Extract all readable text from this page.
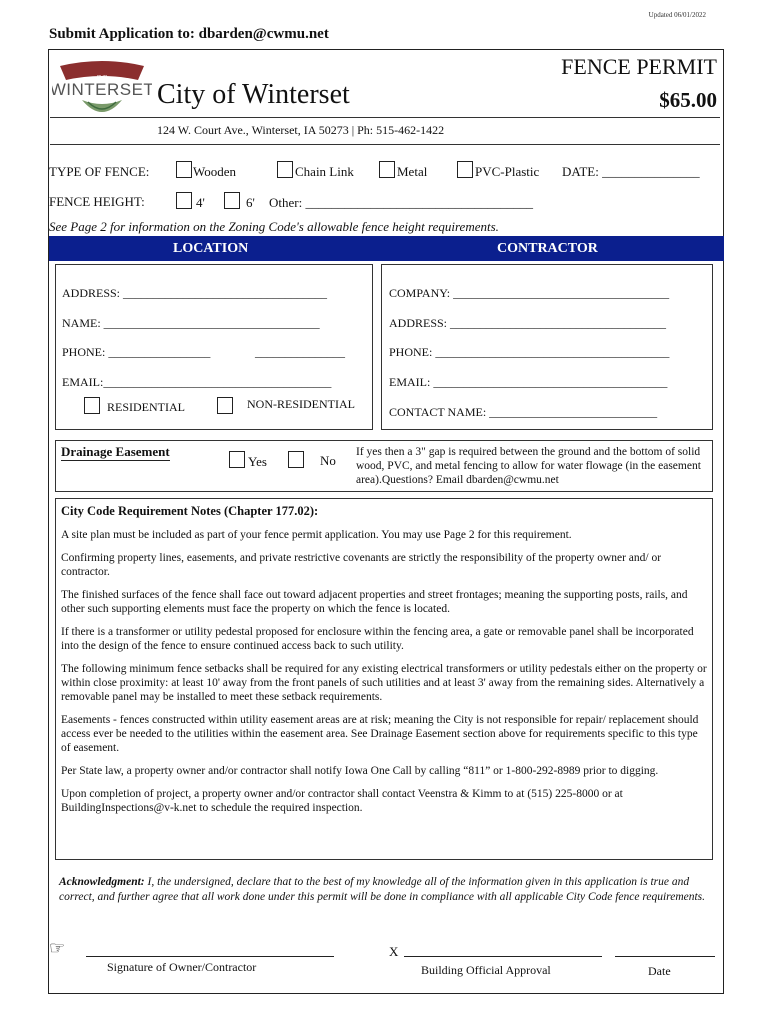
Updated 06/01/2022
Submit Application to: dbarden@cwmu.net
CVO
WINTERSET City of Winterset
FENCE PERMIT
$65.00
124 W. Court Ave., Winterset, IA 50273 | Ph: 515-462-1422
TYPE OF FENCE:	Wooden	Chain Link	Metal	PVC-Plastic DATE: _______________
FENCE HEIGHT:	4'	6' Other: ___________________________________
See Page 2 for information on the Zoning Code's allowable fence height requirements.
LOCATION	CONTRACTOR
ADDRESS: __________________________________
NAME: ____________________________________
PHONE: _________________	_______________
EMAIL:______________________________________
RESIDENTIAL	NON-RESIDENTIAL
COMPANY: ____________________________________
ADDRESS: ____________________________________
PHONE: _______________________________________
EMAIL: _______________________________________
CONTACT NAME: ____________________________
Drainage Easement
Yes	No
If yes then a 3" gap is required between the ground and the bottom of solid wood, PVC, and metal fencing to allow for water flowage (in the easement area).Questions? Email dbarden@cwmu.net
City Code Requirement Notes (Chapter 177.02):

A site plan must be included as part of your fence permit application. You may use Page 2 for this requirement.

Confirming property lines, easements, and private restrictive covenants are strictly the responsibility of the property owner and/ or contractor.

The finished surfaces of the fence shall face out toward adjacent properties and street frontages; meaning the supporting posts, rails, and other such supporting elements must face the property on which the fence is located.

If there is a transformer or utility pedestal proposed for enclosure within the fencing area, a gate or removable panel shall be incorporated into the design of the fence to ensure continued access back to such utility.

The following minimum fence setbacks shall be required for any existing electrical transformers or utility pedestals either on the property or within close proximity: at least 10' away from the front panels of such utilities and at least 3' away from the remaining sides. Alternatively a removable panel may be installed to meet these setback requirements.

Easements - fences constructed within utility easement areas are at risk; meaning the City is not responsible for repair/ replacement should access ever be needed to the utilities within the easement area. See Drainage Easement section above for requirements specific to this type of easement.

Per State law, a property owner and/or contractor shall notify Iowa One Call by calling “811” or 1-800-292-8989 prior to digging.

Upon completion of project, a property owner and/or contractor shall contact Veenstra & Kimm to at (515) 225-8000 or at BuildingInspections@v-k.net to schedule the required inspection.

Acknowledgment: I, the undersigned, declare that to the best of my knowledge all of the information given in this application is true and correct, and further agree that all work done under this permit will be done in compliance with all applicable City Code fence requirements.
☞
Signature of Owner/Contractor
X
Building Official Approval	Date
